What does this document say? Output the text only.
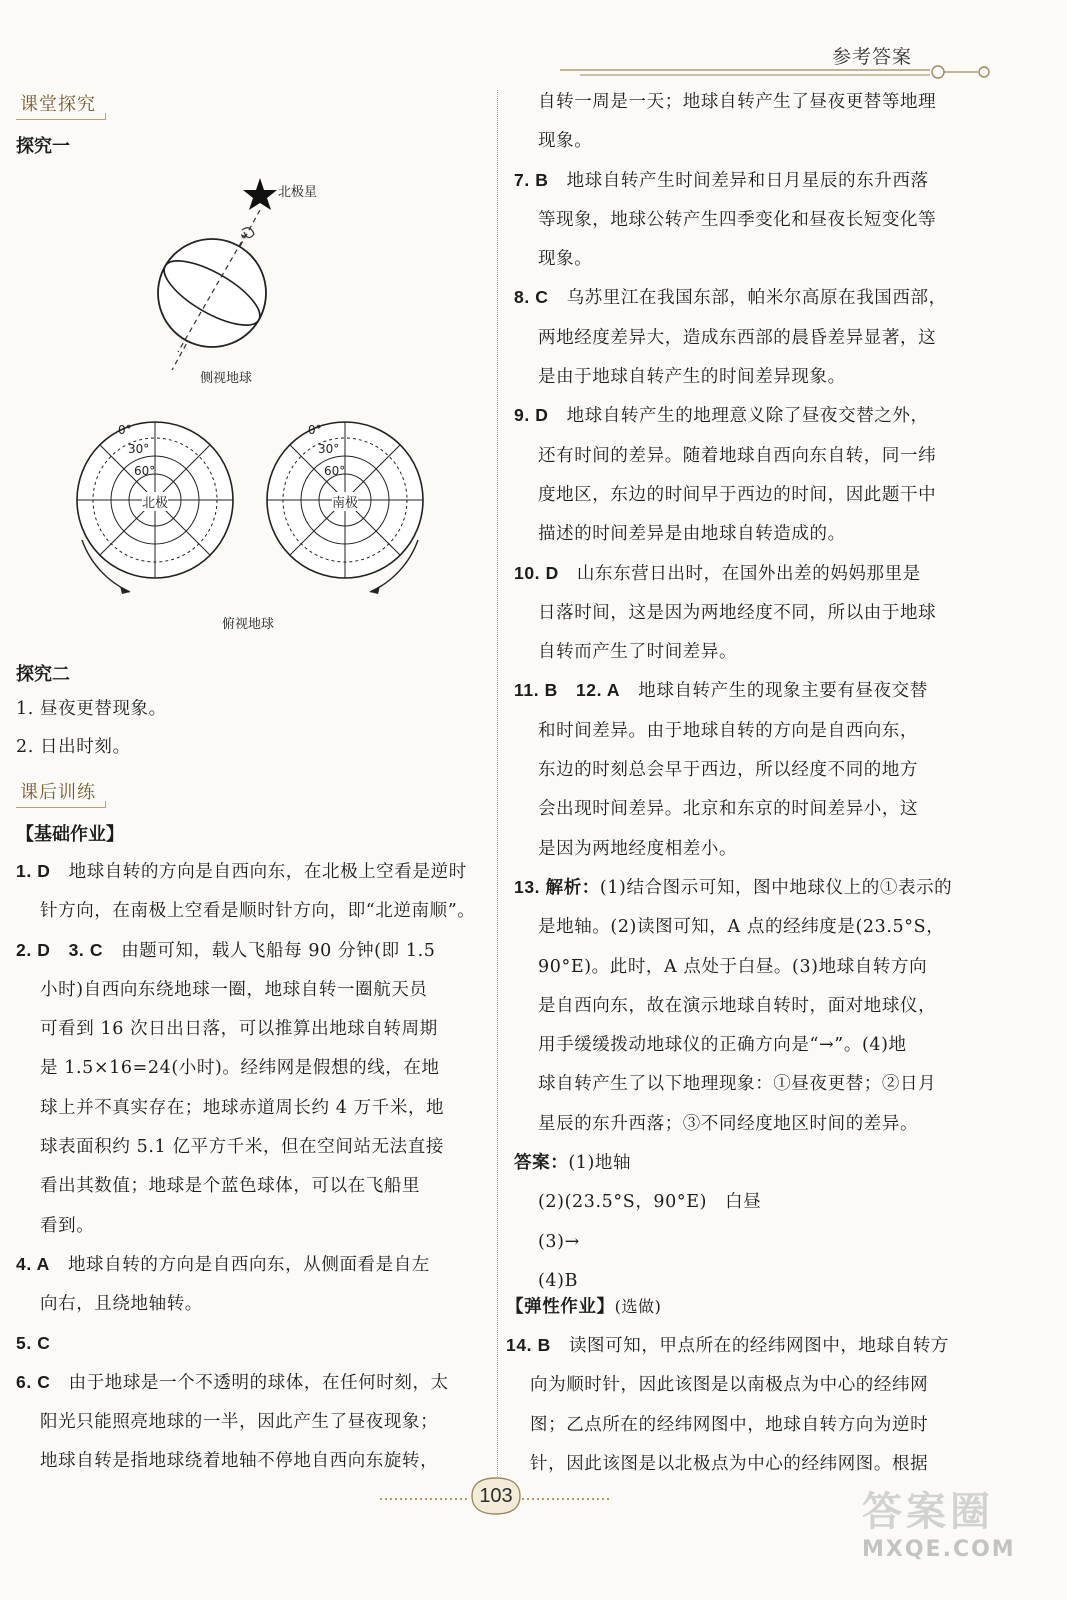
参考答案
课堂探究
探究一
北极星
侧视地球
0°
30°
60°
北极
0°
30°
60°
南极
俯视地球
探究二
1. 昼夜更替现象。
2. 日出时刻。
课后训练
【基础作业】
1. D　地球自转的方向是自西向东，在北极上空看是逆时
针方向，在南极上空看是顺时针方向，即“北逆南顺”。
2. D　3. C　由题可知，载人飞船每 90 分钟(即 1.5
小时)自西向东绕地球一圈，地球自转一圈航天员
可看到 16 次日出日落，可以推算出地球自转周期
是 1.5×16=24(小时)。经纬网是假想的线，在地
球上并不真实存在；地球赤道周长约 4 万千米，地
球表面积约 5.1 亿平方千米，但在空间站无法直接
看出其数值；地球是个蓝色球体，可以在飞船里
看到。
4. A　地球自转的方向是自西向东，从侧面看是自左
向右，且绕地轴转。
5. C
6. C　由于地球是一个不透明的球体，在任何时刻，太
阳光只能照亮地球的一半，因此产生了昼夜现象；
地球自转是指地球绕着地轴不停地自西向东旋转，
自转一周是一天；地球自转产生了昼夜更替等地理
现象。
7. B　地球自转产生时间差异和日月星辰的东升西落
等现象，地球公转产生四季变化和昼夜长短变化等
现象。
8. C　乌苏里江在我国东部，帕米尔高原在我国西部，
两地经度差异大，造成东西部的晨昏差异显著，这
是由于地球自转产生的时间差异现象。
9. D　地球自转产生的地理意义除了昼夜交替之外，
还有时间的差异。随着地球自西向东自转，同一纬
度地区，东边的时间早于西边的时间，因此题干中
描述的时间差异是由地球自转造成的。
10. D　山东东营日出时，在国外出差的妈妈那里是
日落时间，这是因为两地经度不同，所以由于地球
自转而产生了时间差异。
11. B　12. A　地球自转产生的现象主要有昼夜交替
和时间差异。由于地球自转的方向是自西向东，
东边的时刻总会早于西边，所以经度不同的地方
会出现时间差异。北京和东京的时间差异小，这
是因为两地经度相差小。
13. 解析：(1)结合图示可知，图中地球仪上的①表示的
是地轴。(2)读图可知，A 点的经纬度是(23.5°S，
90°E)。此时，A 点处于白昼。(3)地球自转方向
是自西向东，故在演示地球自转时，面对地球仪，
用手缓缓拨动地球仪的正确方向是“→”。(4)地
球自转产生了以下地理现象：①昼夜更替；②日月
星辰的东升西落；③不同经度地区时间的差异。
答案：(1)地轴
(2)(23.5°S，90°E)　白昼
(3)→
(4)B
【弹性作业】(选做)
14. B　读图可知，甲点所在的经纬网图中，地球自转方
向为顺时针，因此该图是以南极点为中心的经纬网
图；乙点所在的经纬网图中，地球自转方向为逆时
针，因此该图是以北极点为中心的经纬网图。根据
103	答案圈
MXQE.COM
